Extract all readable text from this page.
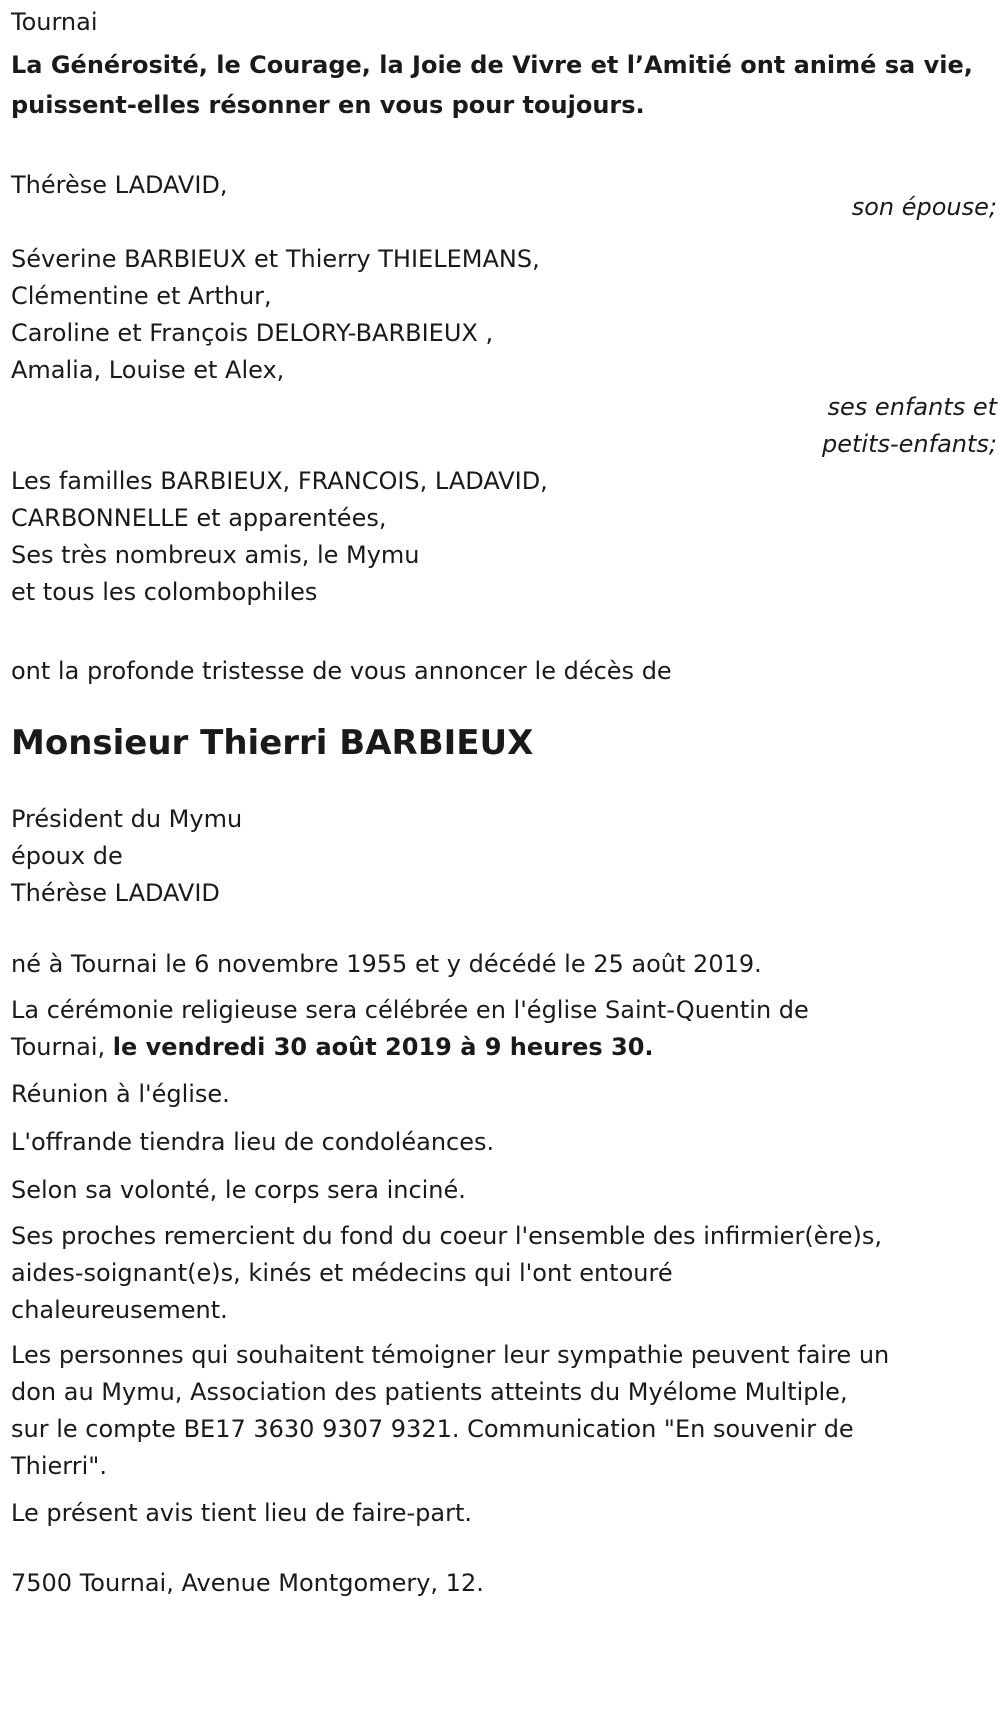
Tournai

La Générosité, le Courage, la Joie de Vivre et l’Amitié ont animé sa vie,

puissent-elles résonner en vous pour toujours.

Thérèse LADAVID,

son épouse;

Séverine BARBIEUX et Thierry THIELEMANS,

Clémentine et Arthur,

Caroline et François DELORY-BARBIEUX ,

Amalia, Louise et Alex,

ses enfants et

petits-enfants;

Les familles BARBIEUX, FRANCOIS, LADAVID,

CARBONNELLE et apparentées,

Ses très nombreux amis, le Mymu

et tous les colombophiles

ont la profonde tristesse de vous annoncer le décès de

Monsieur Thierri BARBIEUX

Président du Mymu

époux de

Thérèse LADAVID

né à Tournai le 6 novembre 1955 et y décédé le 25 août 2019.

La cérémonie religieuse sera célébrée en l'église Saint-Quentin de

Tournai, le vendredi 30 août 2019 à 9 heures 30.

Réunion à l'église.

L'offrande tiendra lieu de condoléances.

Selon sa volonté, le corps sera inciné.

Ses proches remercient du fond du coeur l'ensemble des infirmier(ère)s,

aides-soignant(e)s, kinés et médecins qui l'ont entouré

chaleureusement.

Les personnes qui souhaitent témoigner leur sympathie peuvent faire un

don au Mymu, Association des patients atteints du Myélome Multiple,

sur le compte BE17 3630 9307 9321. Communication "En souvenir de

Thierri".

Le présent avis tient lieu de faire-part.

7500 Tournai, Avenue Montgomery, 12.
